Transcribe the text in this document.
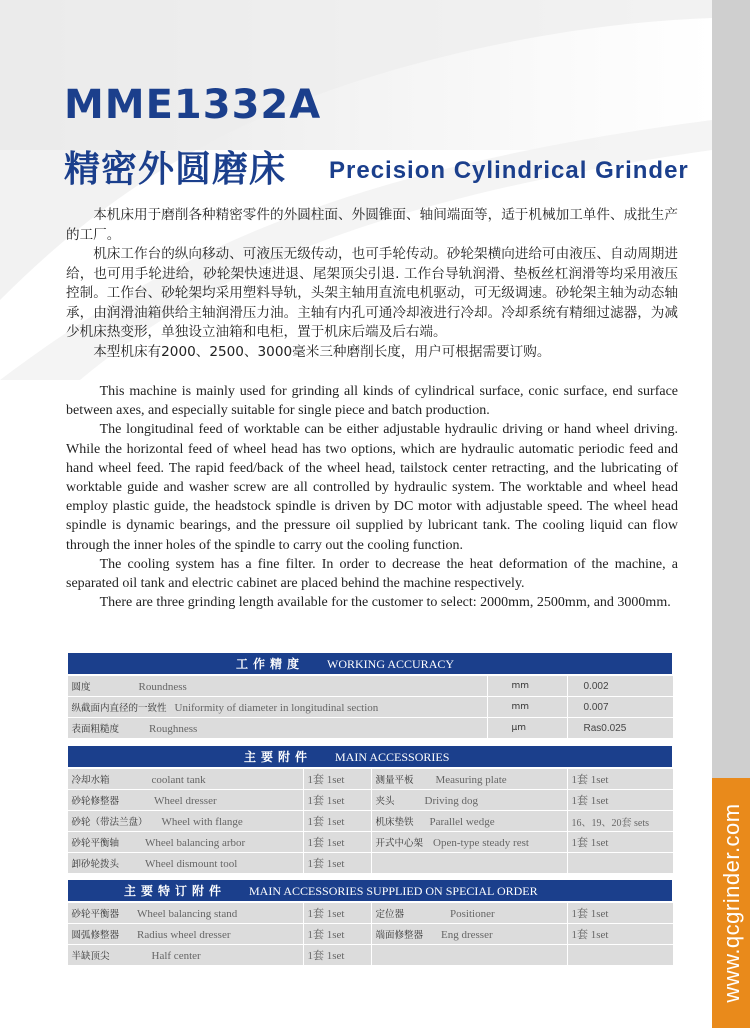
www.qcgrinder.com
MME1332A
精密外圆磨床 Precision Cylindrical Grinder

本机床用于磨削各种精密零件的外圆柱面、外圆锥面、轴间端面等，适于机械加工单件、成批生产的工厂。

机床工作台的纵向移动、可液压无级传动，也可手轮传动。砂轮架横向进给可由液压、自动周期进给，也可用手轮进给，砂轮架快速进退、尾架顶尖引退. 工作台导轨润滑、垫板丝杠润滑等均采用液压控制。工作台、砂轮架均采用塑料导轨，头架主轴用直流电机驱动，可无级调速。砂轮架主轴为动态轴承，由润滑油箱供给主轴润滑压力油。主轴有内孔可通冷却液进行冷却。冷却系统有精细过滤器，为减少机床热变形，单独设立油箱和电柜，置于机床后端及后右端。

本型机床有2000、2500、3000毫米三种磨削长度，用户可根据需要订购。

This machine is mainly used for grinding all kinds of cylindrical surface, conic surface, end surface between axes, and especially suitable for single piece and batch production.

The longitudinal feed of worktable can be either adjustable hydraulic driving or hand wheel driving. While the horizontal feed of wheel head has two options, which are hydraulic automatic periodic feed and hand wheel feed. The rapid feed/back of the wheel head, tailstock center retracting, and the lubricating of worktable guide and washer screw are all controlled by hydraulic system. The worktable and wheel head employ plastic guide, the headstock spindle is driven by DC motor with adjustable speed. The wheel head spindle is dynamic bearings, and the pressure oil supplied by lubricant tank. The cooling liquid can flow through the inner holes of the spindle to carry out the cooling function.

The cooling system has a fine filter. In order to decrease the heat deformation of the machine, a separated oil tank and electric cabinet are placed behind the machine respectively.

There are three grinding length available for the customer to select: 2000mm, 2500mm, and 3000mm.

工作精度 WORKING ACCURACY		
圆度 Roundness	mm	0.002
纵截面内直径的一致性 Uniformity of diameter in longitudinal section	mm	0.007
表面粗糙度 Roughness	μm	Ras0.025
主要附件 MAIN ACCESSORIES			
冷却水箱 coolant tank	1套 1set	测量平板 Measuring plate	1套 1set
砂轮修整器 Wheel dresser	1套 1set	夹头 Driving dog	1套 1set
砂轮（带法兰盘） Wheel with flange	1套 1set	机床垫铁 Parallel wedge	16、19、20套 sets
砂轮平衡轴 Wheel balancing arbor	1套 1set	开式中心架 Open-type steady rest	1套 1set
卸砂轮拨头 Wheel dismount tool	1套 1set		
主要特订附件 MAIN ACCESSORIES SUPPLIED ON SPECIAL ORDER			
砂轮平衡器 Wheel balancing stand	1套 1set	定位器 Positioner	1套 1set
圆弧修整器 Radius wheel dresser	1套 1set	端面修整器 Eng dresser	1套 1set
半缺顶尖 Half center	1套 1set		
